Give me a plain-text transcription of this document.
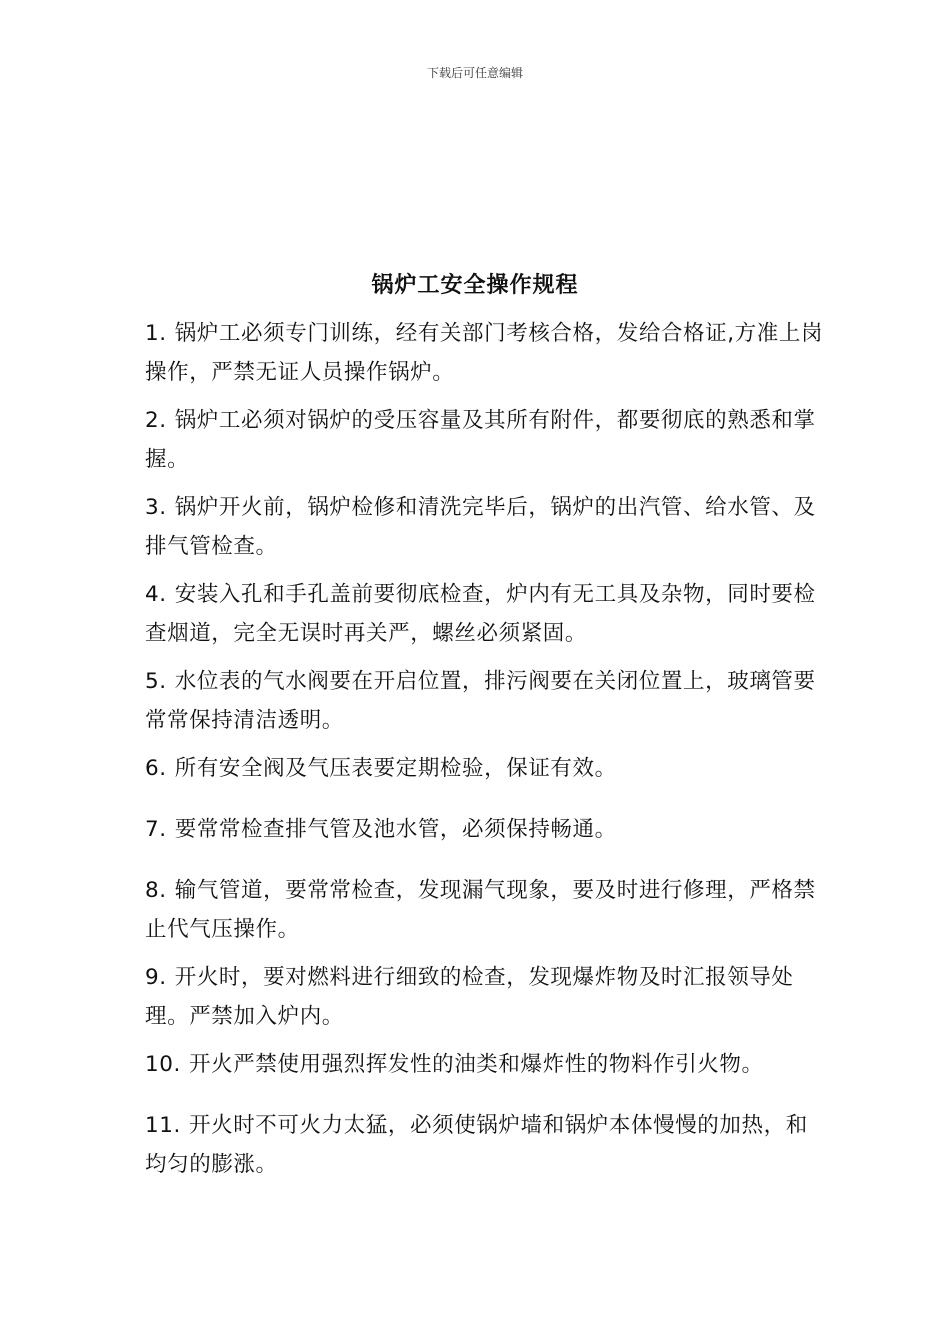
下载后可任意编辑
锅炉工安全操作规程
1. 锅炉工必须专门训练，经有关部门考核合格，发给合格证,方准上岗操作，严禁无证人员操作锅炉。
2. 锅炉工必须对锅炉的受压容量及其所有附件，都要彻底的熟悉和掌握。
3. 锅炉开火前，锅炉检修和清洗完毕后，锅炉的出汽管、给水管、及排气管检查。
4. 安装入孔和手孔盖前要彻底检查，炉内有无工具及杂物，同时要检查烟道，完全无误时再关严，螺丝必须紧固。
5. 水位表的气水阀要在开启位置，排污阀要在关闭位置上，玻璃管要常常保持清洁透明。
6. 所有安全阀及气压表要定期检验，保证有效。
7. 要常常检查排气管及池水管，必须保持畅通。
8. 输气管道，要常常检查，发现漏气现象，要及时进行修理，严格禁止代气压操作。
9. 开火时，要对燃料进行细致的检查，发现爆炸物及时汇报领导处理。严禁加入炉内。
10. 开火严禁使用强烈挥发性的油类和爆炸性的物料作引火物。
11. 开火时不可火力太猛，必须使锅炉墙和锅炉本体慢慢的加热，和均匀的膨涨。
